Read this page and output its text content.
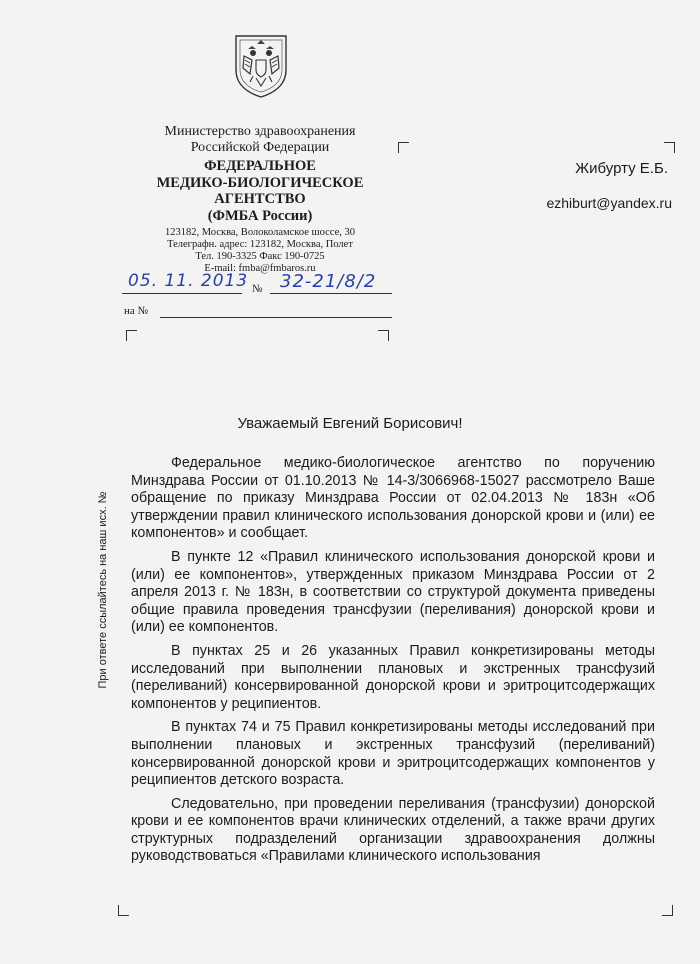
Министерство здравоохранения
Российской Федерации
ФЕДЕРАЛЬНОЕ
МЕДИКО-БИОЛОГИЧЕСКОЕ
АГЕНТСТВО
(ФМБА России)
123182, Москва, Волоколамское шоссе, 30
Телеграфн. адрес: 123182, Москва, Полет
Тел. 190-3325 Факс 190-0725
E-mail: fmba@fmbaros.ru
05. 11. 2013 № 32-21/8/2
на №
Жибурту Е.Б.
ezhiburt@yandex.ru
При ответе ссылайтесь на наш исх. №
Уважаемый Евгений Борисович!

Федеральное медико-биологическое агентство по поручению Минздрава России от 01.10.2013 № 14-3/3066968-15027 рассмотрело Ваше обращение по приказу Минздрава России от 02.04.2013 № 183н «Об утверждении правил клинического использования донорской крови и (или) ее компонентов» и сообщает.

В пункте 12 «Правил клинического использования донорской крови и (или) ее компонентов», утвержденных приказом Минздрава России от 2 апреля 2013 г. № 183н, в соответствии со структурой документа приведены общие правила проведения трансфузии (переливания) донорской крови и (или) ее компонентов.

В пунктах 25 и 26 указанных Правил конкретизированы методы исследований при выполнении плановых и экстренных трансфузий (переливаний) консервированной донорской крови и эритроцитсодержащих компонентов у реципиентов.

В пунктах 74 и 75 Правил конкретизированы методы исследований при выполнении плановых и экстренных трансфузий (переливаний) консервированной донорской крови и эритроцитсодержащих компонентов у реципиентов детского возраста.

Следовательно, при проведении переливания (трансфузии) донорской крови и ее компонентов врачи клинических отделений, а также врачи других структурных подразделений организации здравоохранения должны руководствоваться «Правилами клинического использования
